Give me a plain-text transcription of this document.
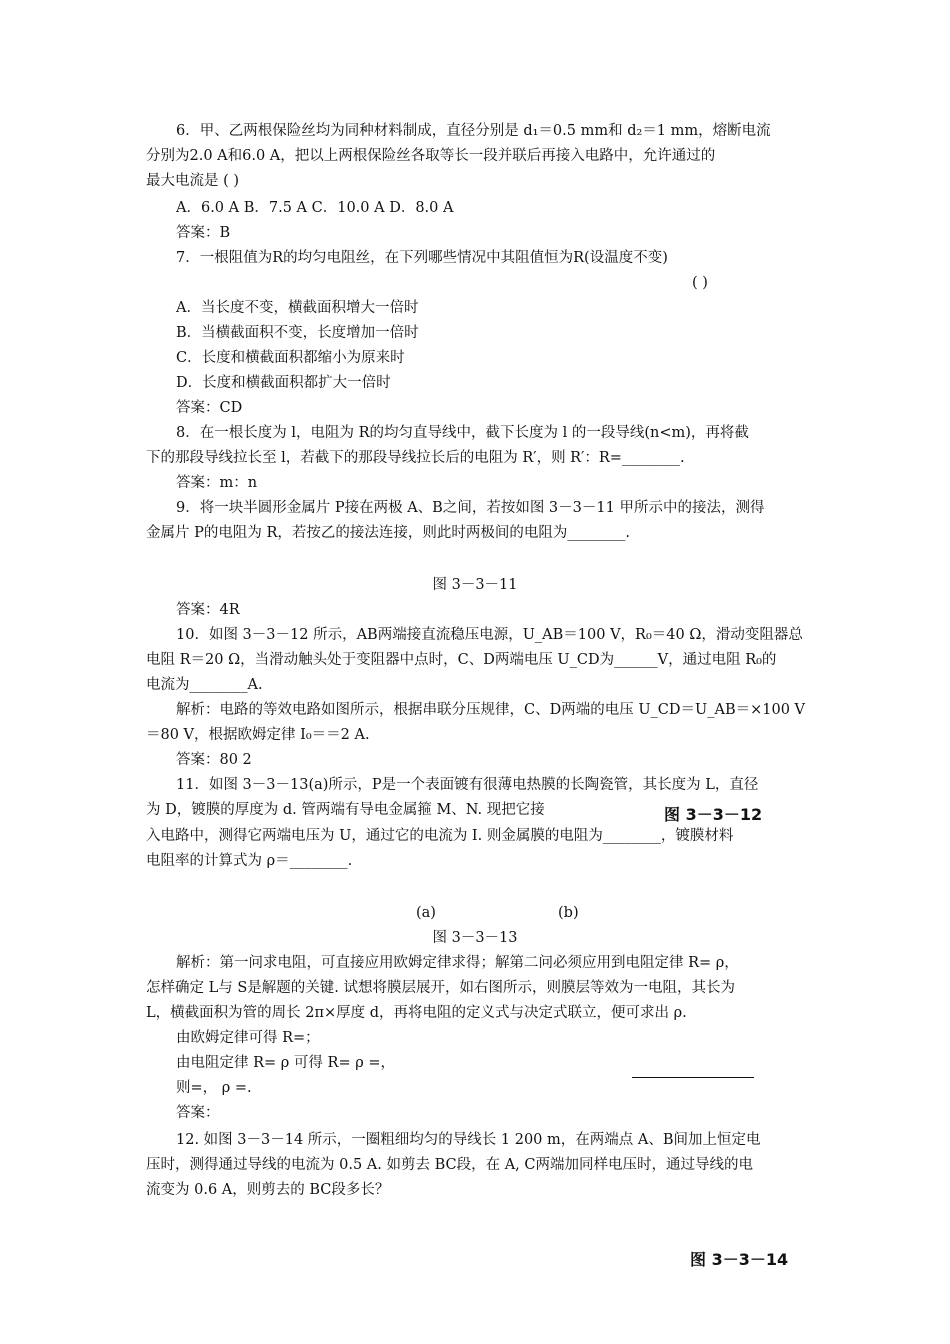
6．甲、乙两根保险丝均为同种材料制成，直径分别是 d₁＝0.5 mm和 d₂＝1 mm，熔断电流
分别为2.0 A和6.0 A，把以上两根保险丝各取等长一段并联后再接入电路中，允许通过的
最大电流是 ( )
A．6.0 A B．7.5 A C．10.0 A D．8.0 A
答案：B
7．一根阻值为R的均匀电阻丝，在下列哪些情况中其阻值恒为R(设温度不变)
( )
A．当长度不变，横截面积增大一倍时
B．当横截面积不变，长度增加一倍时
C．长度和横截面积都缩小为原来时
D．长度和横截面积都扩大一倍时
答案：CD
8．在一根长度为 l，电阻为 R的均匀直导线中，截下长度为 l 的一段导线(n<m)，再将截
下的那段导线拉长至 l，若截下的那段导线拉长后的电阻为 R′，则 R′：R=________.
答案：m：n
9．将一块半圆形金属片 P接在两极 A、B之间，若按如图 3－3－11 甲所示中的接法，测得
金属片 P的电阻为 R，若按乙的接法连接，则此时两极间的电阻为________.
图 3－3－11
答案：4R
10．如图 3－3－12 所示，AB两端接直流稳压电源，U_AB＝100 V，R₀＝40 Ω，滑动变阻器总
电阻 R＝20 Ω，当滑动触头处于变阻器中点时，C、D两端电压 U_CD为______V，通过电阻 R₀的
电流为________A.
解析：电路的等效电路如图所示，根据串联分压规律，C、D两端的电压 U_CD＝U_AB＝×100 V
＝80 V，根据欧姆定律 I₀＝＝2 A.
答案：80 2
11．如图 3－3－13(a)所示，P是一个表面镀有很薄电热膜的长陶瓷管，其长度为 L，直径
为 D，镀膜的厚度为 d. 管两端有导电金属箍 M、N. 现把它接	图 3－3－12
入电路中，测得它两端电压为 U，通过它的电流为 I. 则金属膜的电阻为________，镀膜材料
电阻率的计算式为 ρ＝________.
(a)	(b)
图 3－3－13
解析：第一问求电阻，可直接应用欧姆定律求得；解第二问必须应用到电阻定律 R= ρ，
怎样确定 L与 S是解题的关键. 试想将膜层展开，如右图所示，则膜层等效为一电阻，其长为
L，横截面积为管的周长 2π×厚度 d，再将电阻的定义式与决定式联立，便可求出 ρ.
由欧姆定律可得 R=；
由电阻定律 R= ρ 可得 R= ρ =，
则=， ρ =.
答案：
12. 如图 3－3－14 所示，一圈粗细均匀的导线长 1 200 m，在两端点 A、B间加上恒定电
压时，测得通过导线的电流为 0.5 A. 如剪去 BC段，在 A, C两端加同样电压时，通过导线的电
流变为 0.6 A，则剪去的 BC段多长？
图 3－3－14
